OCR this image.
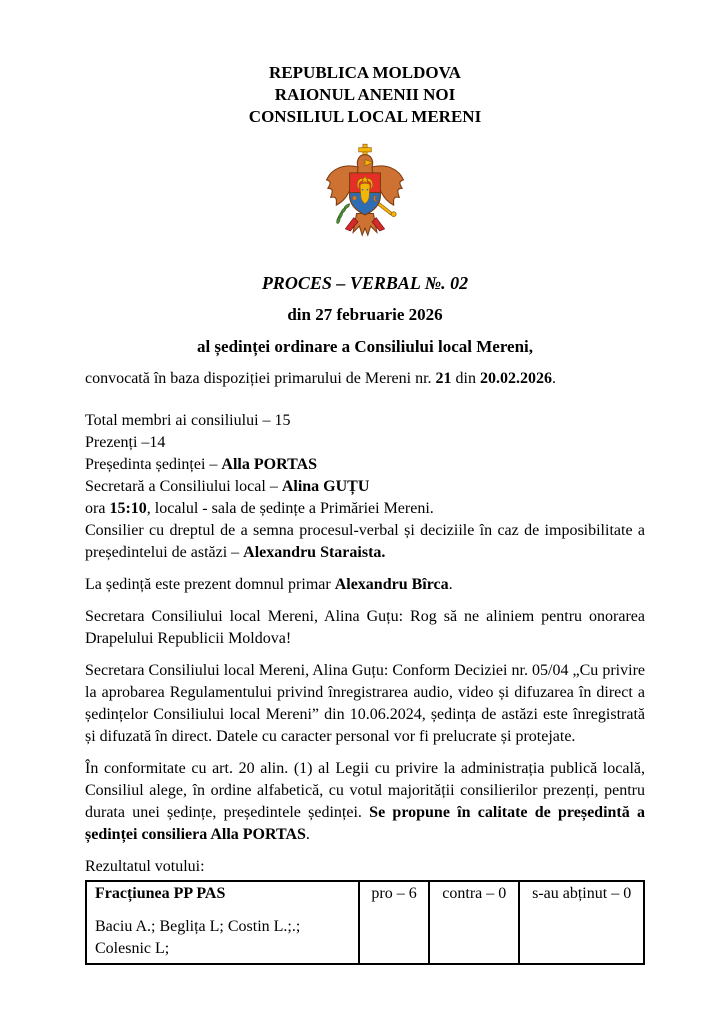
REPUBLICA MOLDOVA

RAIONUL ANENII NOI

CONSILIUL LOCAL MERENI

PROCES – VERBAL №. 02

din 27 februarie 2026

al ședinței ordinare a Consiliului local Mereni,

convocată în baza dispoziției primarului de Mereni nr. 21 din 20.02.2026.

Total membri ai consiliului – 15

Prezenți –14

Președinta ședinței – Alla PORTAS

Secretară a Consiliului local – Alina GUȚU

ora 15:10, localul - sala de ședințe a Primăriei Mereni.

Consilier cu dreptul de a semna procesul-verbal și deciziile în caz de imposibilitate a președintelui de astăzi – Alexandru Staraista.

La ședință este prezent domnul primar Alexandru Bîrca.

Secretara Consiliului local Mereni, Alina Guțu: Rog să ne aliniem pentru onorarea Drapelului Republicii Moldova!

Secretara Consiliului local Mereni, Alina Guțu: Conform Deciziei nr. 05/04 „Cu privire la aprobarea Regulamentului privind înregistrarea audio, video și difuzarea în direct a ședințelor Consiliului local Mereni” din 10.06.2024, ședința de astăzi este înregistrată și difuzată în direct. Datele cu caracter personal vor fi prelucrate și protejate.

În conformitate cu art. 20 alin. (1) al Legii cu privire la administrația publică locală, Consiliul alege, în ordine alfabetică, cu votul majorității consilierilor prezenți, pentru durata unei ședințe, președintele ședinței. Se propune în calitate de președintă a ședinței consiliera Alla PORTAS.

Rezultatul votului:

Fracțiunea PP PAS
Baciu A.; Beglița L; Costin L.;.; Colesnic L;
	pro – 6	contra – 0	s-au abținut – 0
